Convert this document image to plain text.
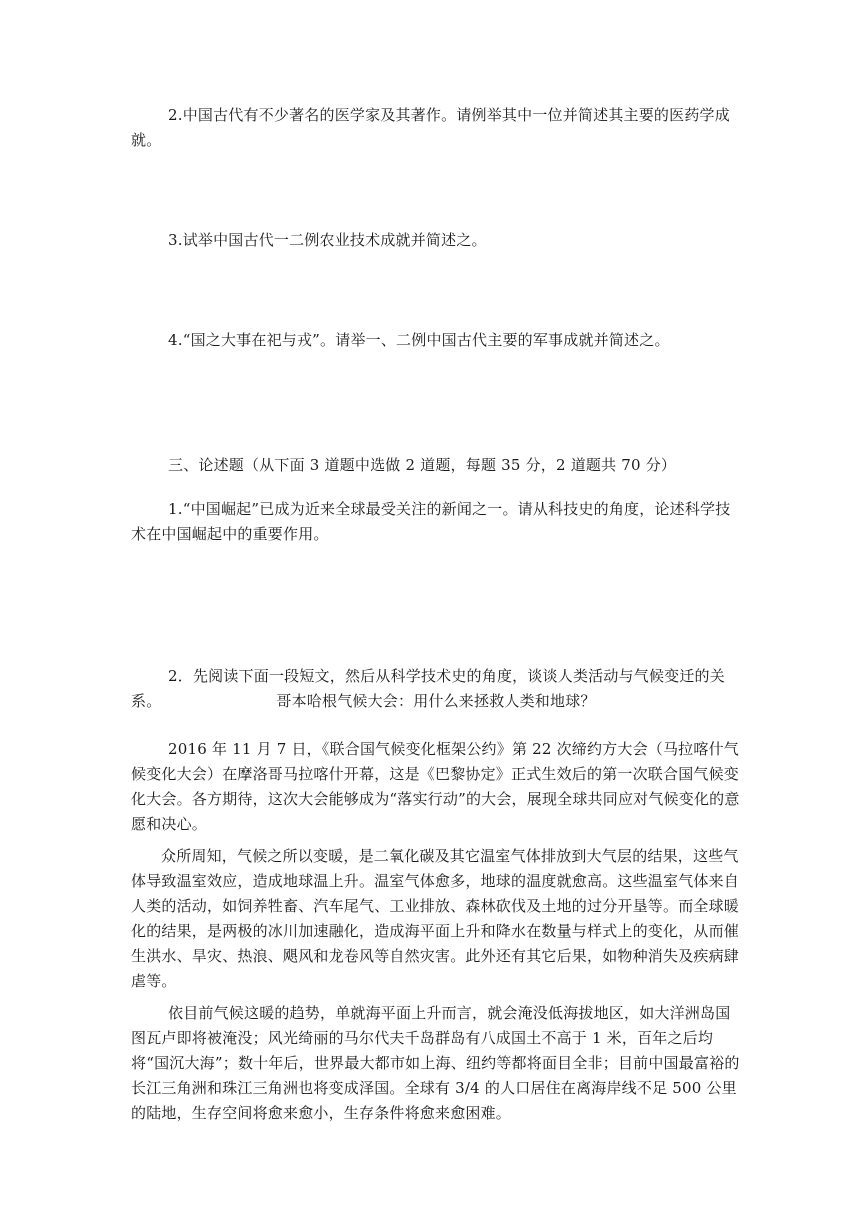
2.中国古代有不少著名的医学家及其著作。请例举其中一位并简述其主要的医药学成就。

3.试举中国古代一二例农业技术成就并简述之。

4.“国之大事在祀与戎”。请举一、二例中国古代主要的军事成就并简述之。

三、论述题（从下面 3 道题中选做 2 道题，每题 35 分，2 道题共 70 分）

1.“中国崛起”已成为近来全球最受关注的新闻之一。请从科技史的角度，论述科学技术在中国崛起中的重要作用。

2．先阅读下面一段短文，然后从科学技术史的角度，谈谈人类活动与气候变迁的关系。	哥本哈根气候大会：用什么来拯救人类和地球？

2016 年 11 月 7 日，《联合国气候变化框架公约》第 22 次缔约方大会（马拉喀什气候变化大会）在摩洛哥马拉喀什开幕，这是《巴黎协定》正式生效后的第一次联合国气候变化大会。各方期待，这次大会能够成为“落实行动”的大会，展现全球共同应对气候变化的意愿和决心。

众所周知，气候之所以变暖，是二氧化碳及其它温室气体排放到大气层的结果，这些气体导致温室效应，造成地球温上升。温室气体愈多，地球的温度就愈高。这些温室气体来自人类的活动，如饲养牲畜、汽车尾气、工业排放、森林砍伐及土地的过分开垦等。而全球暖化的结果，是两极的冰川加速融化，造成海平面上升和降水在数量与样式上的变化，从而催生洪水、旱灾、热浪、飓风和龙卷风等自然灾害。此外还有其它后果，如物种消失及疾病肆虐等。

依目前气候这暖的趋势，单就海平面上升而言，就会淹没低海拔地区，如大洋洲岛国图瓦卢即将被淹没；风光绮丽的马尔代夫千岛群岛有八成国土不高于 1 米，百年之后均将“国沉大海”；数十年后，世界最大都市如上海、纽约等都将面目全非；目前中国最富裕的长江三角洲和珠江三角洲也将变成泽国。全球有 3/4 的人口居住在离海岸线不足 500 公里的陆地，生存空间将愈来愈小，生存条件将愈来愈困难。
